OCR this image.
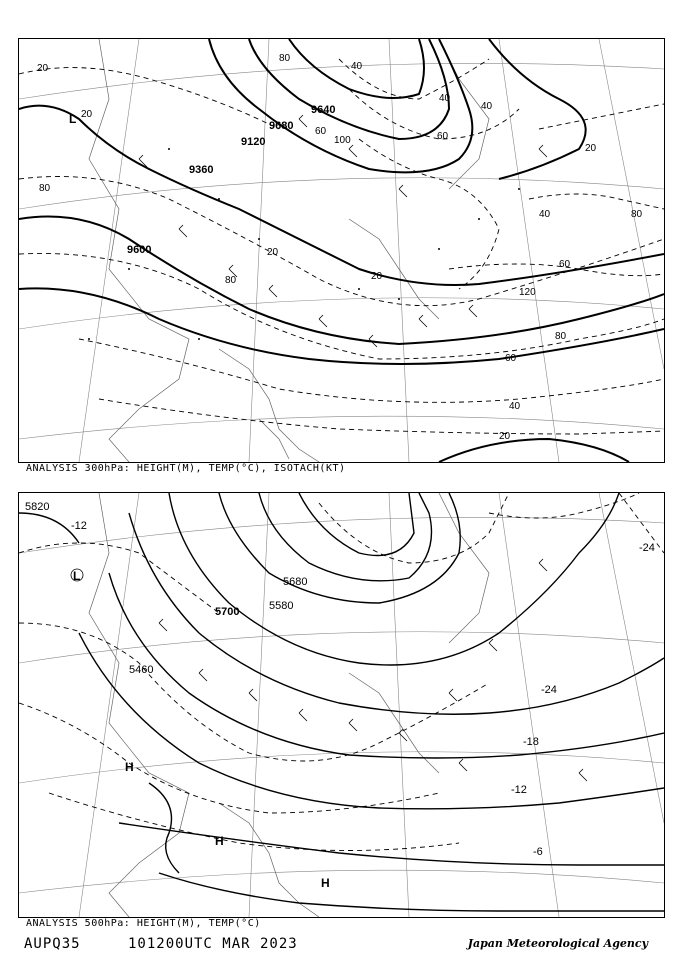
9600
9120
9360
9640
9680
20
20
40
60
80
100
120
80
60
40
20
40
60
80
80
40
20
20
20
80
60
40
L
ANALYSIS 300hPa: HEIGHT(M), TEMP(°C), ISOTACH(KT)
5820
5700	5580
5460
5680
-12
-24
-24
-18
-12
-6
H
H
H
L
ANALYSIS 500hPa: HEIGHT(M), TEMP(°C)
AUPQ35	101200UTC MAR 2023	Japan Meteorological Agency
